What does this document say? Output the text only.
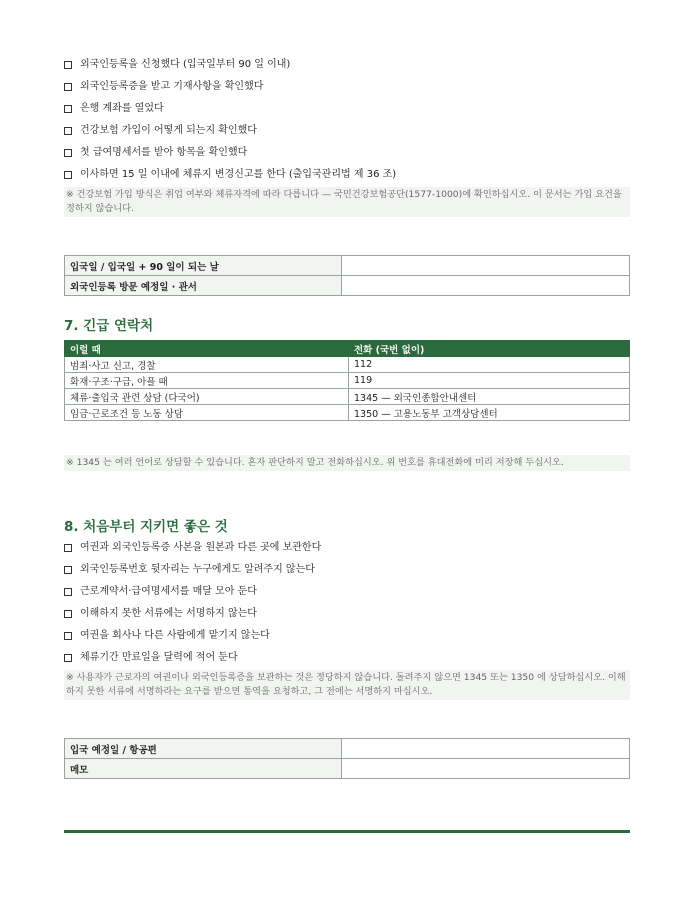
외국인등록을 신청했다 (입국일부터 90 일 이내)
외국인등록증을 받고 기재사항을 확인했다
은행 계좌를 열었다
건강보험 가입이 어떻게 되는지 확인했다
첫 급여명세서를 받아 항목을 확인했다
이사하면 15 일 이내에 체류지 변경신고를 한다 (출입국관리법 제 36 조)
※ 건강보험 가입 방식은 취업 여부와 체류자격에 따라 다릅니다 — 국민건강보험공단(1577-1000)에 확인하십시오. 이 문서는 가입 요건을 정하지 않습니다.
입국일 / 입국일 + 90 일이 되는 날	
외국인등록 방문 예정일 · 관서	
7. 긴급 연락처
이럴 때	전화 (국번 없이)
범죄·사고 신고, 경찰	112
화재·구조·구급, 아플 때	119
체류·출입국 관련 상담 (다국어)	1345 — 외국인종합안내센터
임금·근로조건 등 노동 상담	1350 — 고용노동부 고객상담센터
※ 1345 는 여러 언어로 상담할 수 있습니다. 혼자 판단하지 말고 전화하십시오. 위 번호를 휴대전화에 미리 저장해 두십시오.
8. 처음부터 지키면 좋은 것
여권과 외국인등록증 사본을 원본과 다른 곳에 보관한다
외국인등록번호 뒷자리는 누구에게도 알려주지 않는다
근로계약서·급여명세서를 매달 모아 둔다
이해하지 못한 서류에는 서명하지 않는다
여권을 회사나 다른 사람에게 맡기지 않는다
체류기간 만료일을 달력에 적어 둔다
※ 사용자가 근로자의 여권이나 외국인등록증을 보관하는 것은 정당하지 않습니다. 돌려주지 않으면 1345 또는 1350 에 상담하십시오. 이해하지 못한 서류에 서명하라는 요구를 받으면 통역을 요청하고, 그 전에는 서명하지 마십시오.
입국 예정일 / 항공편	
메모	
